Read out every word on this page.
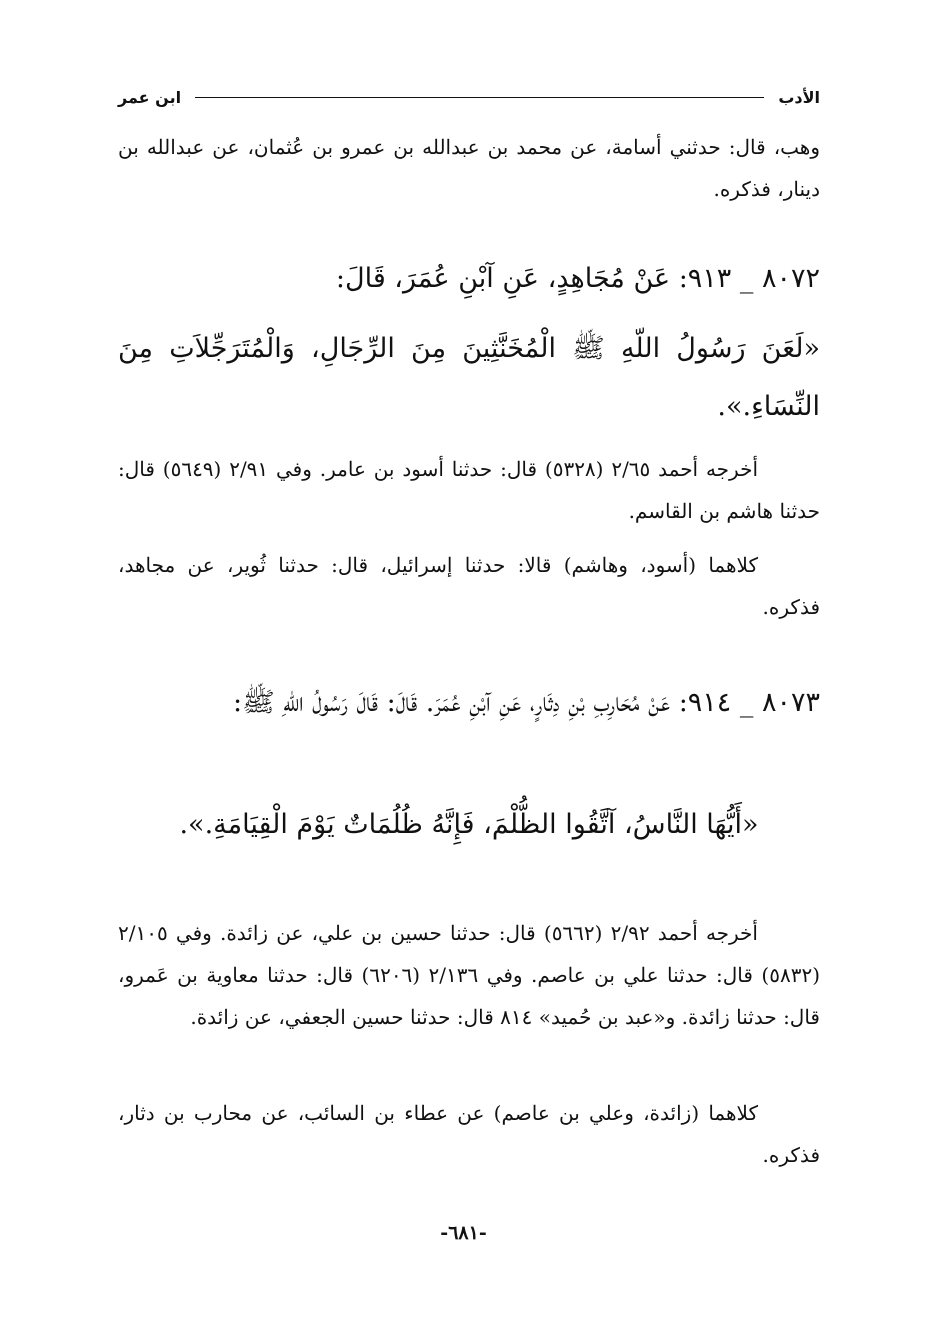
الأدب
ابن عمر
وهب، قال: حدثني أسامة، عن محمد بن عبدالله بن عمرو بن عُثمان، عن عبدالله بن دينار، فذكره.
٨٠٧٢ _ ٩١٣: عَنْ مُجَاهِدٍ، عَنِ آبْنِ عُمَرَ، قَالَ:
«لَعَنَ رَسُولُ اللّهِ ﷺ الْمُخَنَّثِينَ مِنَ الرِّجَالِ، وَالْمُتَرَجِّلاَتِ مِنَ النِّسَاءِ.».
أخرجه أحمد ٢/٦٥ (٥٣٢٨) قال: حدثنا أسود بن عامر. وفي ٢/٩١ (٥٦٤٩) قال: حدثنا هاشم بن القاسم.
كلاهما (أسود، وهاشم) قالا: حدثنا إسرائيل، قال: حدثنا ثُوير، عن مجاهد، فذكره.
٨٠٧٣ _ ٩١٤: عَنْ مُحَارِبِ بْنِ دِثَارٍ، عَنِ آبْنِ عُمَرَ. قَالَ: قَالَ رَسُولُ اللّهِ ﷺ:
«أَيُّهَا النَّاسُ، آتَّقُوا الظُّلْمَ، فَإِنَّهُ ظُلُمَاتٌ يَوْمَ الْقِيَامَةِ.».
أخرجه أحمد ٢/٩٢ (٥٦٦٢) قال: حدثنا حسين بن علي، عن زائدة. وفي ٢/١٠٥ (٥٨٣٢) قال: حدثنا علي بن عاصم. وفي ٢/١٣٦ (٦٢٠٦) قال: حدثنا معاوية بن عَمرو، قال: حدثنا زائدة. و«عبد بن حُميد» ٨١٤ قال: حدثنا حسين الجعفي، عن زائدة.
كلاهما (زائدة، وعلي بن عاصم) عن عطاء بن السائب، عن محارب بن دثار، فذكره.
-٦٨١-
